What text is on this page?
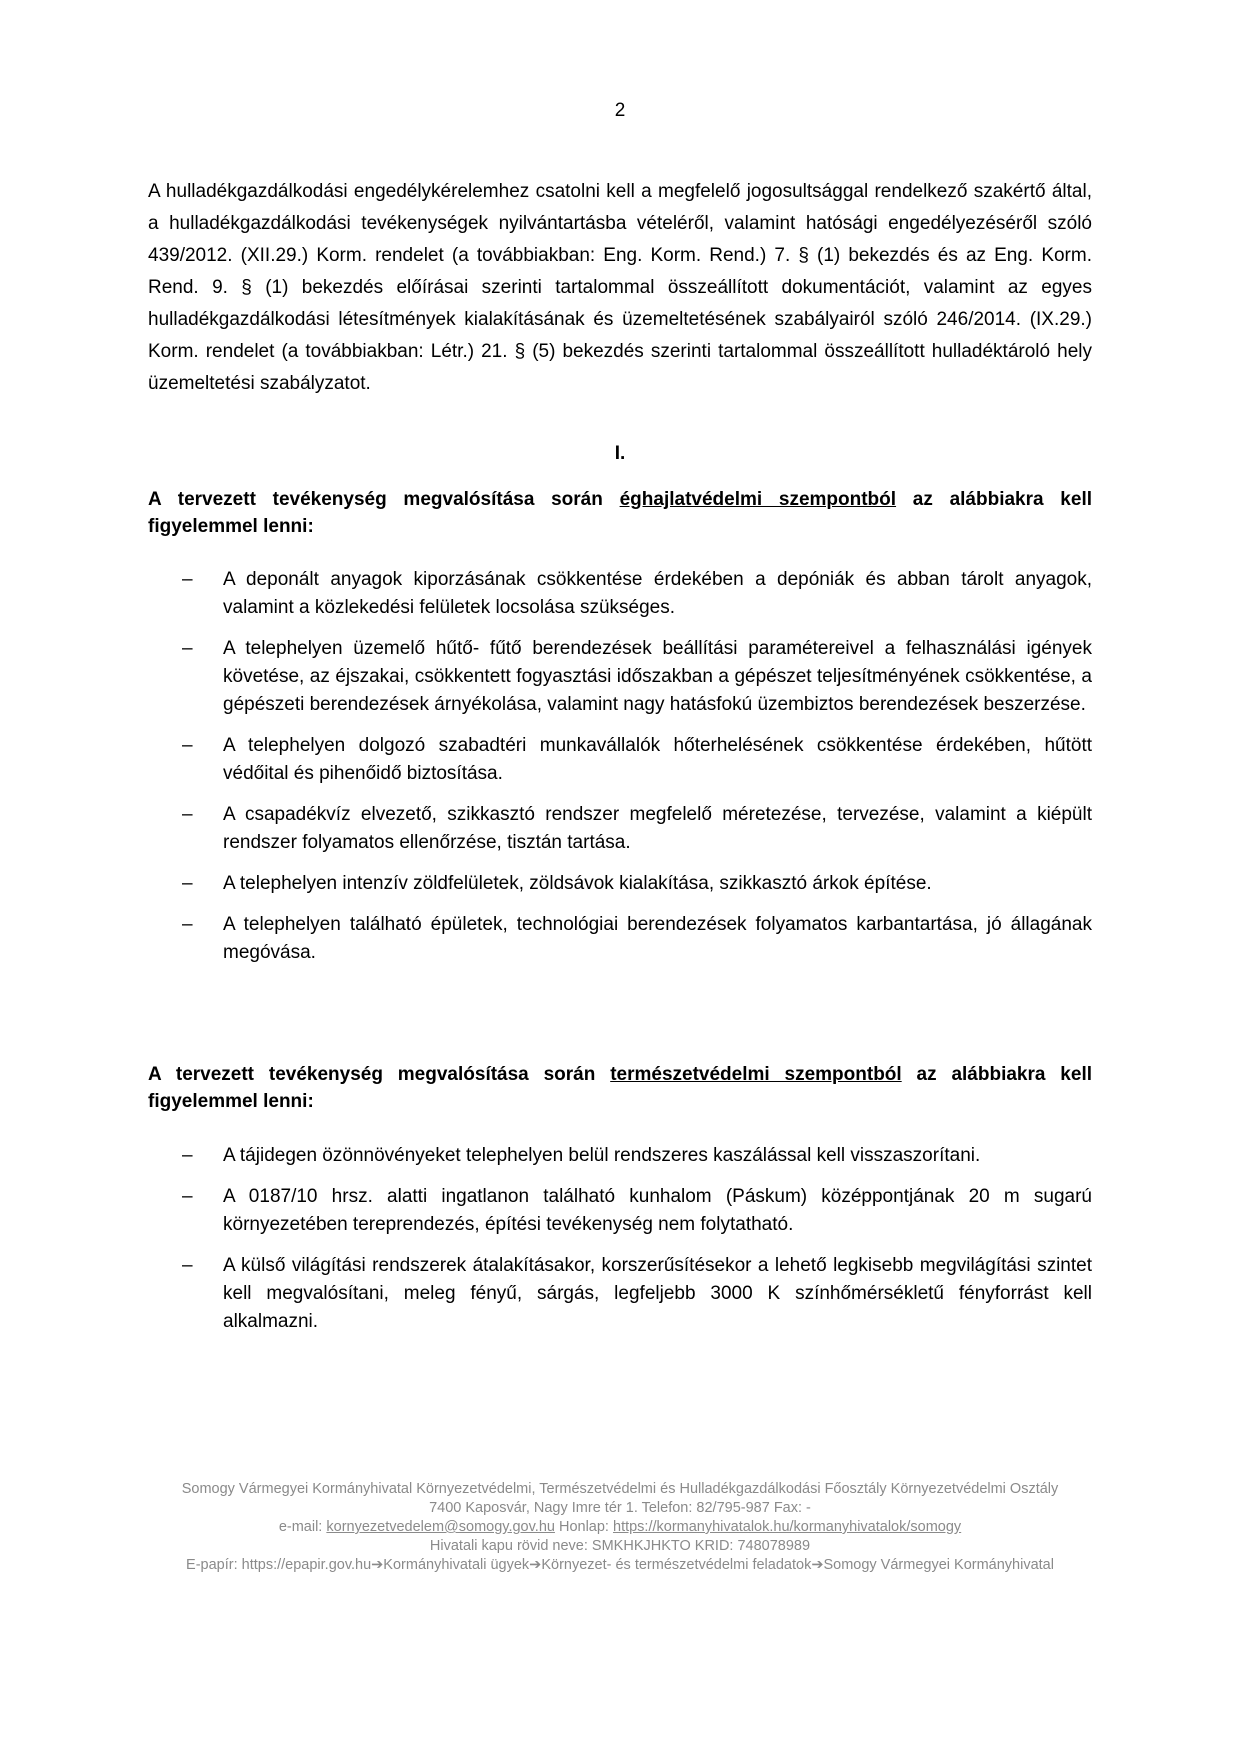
2

A hulladékgazdálkodási engedélykérelemhez csatolni kell a megfelelő jogosultsággal rendelkező szakértő által, a hulladékgazdálkodási tevékenységek nyilvántartásba vételéről, valamint hatósági engedélyezéséről szóló 439/2012. (XII.29.) Korm. rendelet (a továbbiakban: Eng. Korm. Rend.) 7. § (1) bekezdés és az Eng. Korm. Rend. 9. § (1) bekezdés előírásai szerinti tartalommal összeállított dokumentációt, valamint az egyes hulladékgazdálkodási létesítmények kialakításának és üzemeltetésének szabályairól szóló 246/2014. (IX.29.) Korm. rendelet (a továbbiakban: Létr.) 21. § (5) bekezdés szerinti tartalommal összeállított hulladéktároló hely üzemeltetési szabályzatot.

I.

A tervezett tevékenység megvalósítása során éghajlatvédelmi szempontból az alábbiakra kell figyelemmel lenni:

– A deponált anyagok kiporzásának csökkentése érdekében a depóniák és abban tárolt anyagok, valamint a közlekedési felületek locsolása szükséges.
– A telephelyen üzemelő hűtő- fűtő berendezések beállítási paramétereivel a felhasználási igények követése, az éjszakai, csökkentett fogyasztási időszakban a gépészet teljesítményének csökkentése, a gépészeti berendezések árnyékolása, valamint nagy hatásfokú üzembiztos berendezések beszerzése.
– A telephelyen dolgozó szabadtéri munkavállalók hőterhelésének csökkentése érdekében, hűtött védőital és pihenőidő biztosítása.
– A csapadékvíz elvezető, szikkasztó rendszer megfelelő méretezése, tervezése, valamint a kiépült rendszer folyamatos ellenőrzése, tisztán tartása.
– A telephelyen intenzív zöldfelületek, zöldsávok kialakítása, szikkasztó árkok építése.
– A telephelyen található épületek, technológiai berendezések folyamatos karbantartása, jó állagának megóvása.

A tervezett tevékenység megvalósítása során természetvédelmi szempontból az alábbiakra kell figyelemmel lenni:

– A tájidegen özönnövényeket telephelyen belül rendszeres kaszálással kell visszaszorítani.
– A 0187/10 hrsz. alatti ingatlanon található kunhalom (Páskum) középpontjának 20 m sugarú környezetében tereprendezés, építési tevékenység nem folytatható.
– A külső világítási rendszerek átalakításakor, korszerűsítésekor a lehető legkisebb megvilágítási szintet kell megvalósítani, meleg fényű, sárgás, legfeljebb 3000 K színhőmérsékletű fényforrást kell alkalmazni.
Somogy Vármegyei Kormányhivatal Környezetvédelmi, Természetvédelmi és Hulladékgazdálkodási Főosztály Környezetvédelmi Osztály
7400 Kaposvár, Nagy Imre tér 1. Telefon: 82/795-987 Fax: -
e-mail: kornyezetvedelem@somogy.gov.hu Honlap: https://kormanyhivatalok.hu/kormanyhivatalok/somogy
Hivatali kapu rövid neve: SMKHKJHKTO KRID: 748078989
E-papír: https://epapir.gov.hu➔Kormányhivatali ügyek➔Környezet- és természetvédelmi feladatok➔Somogy Vármegyei Kormányhivatal
